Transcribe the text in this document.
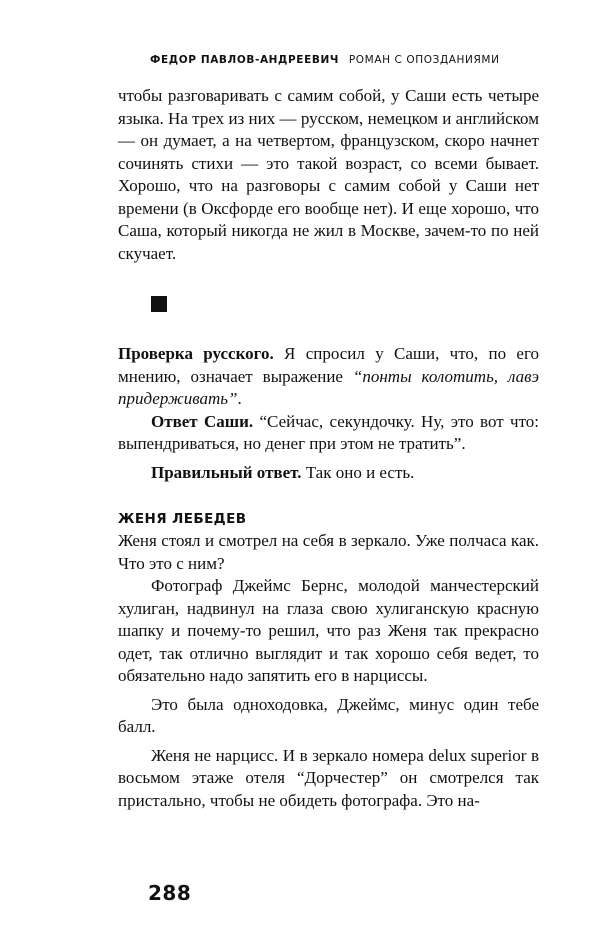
ФЕДОР ПАВЛОВ-АНДРЕЕВИЧ РОМАН С ОПОЗДАНИЯМИ

чтобы разговаривать с самим собой, у Саши есть четыре языка. На трех из них — русском, немецком и английском — он думает, а на четвертом, французском, скоро начнет сочинять стихи — это такой возраст, со всеми бывает. Хорошо, что на разговоры с самим собой у Саши нет времени (в Оксфорде его вообще нет). И еще хорошо, что Саша, который никогда не жил в Москве, зачем-то по ней скучает.

Проверка русского. Я спросил у Саши, что, по его мнению, означает выражение “понты колотить, лавэ придерживать”.

Ответ Саши. “Сейчас, секундочку. Ну, это вот что: выпендриваться, но денег при этом не тратить”.

Правильный ответ. Так оно и есть.

ЖЕНЯ ЛЕБЕДЕВ

Женя стоял и смотрел на себя в зеркало. Уже полчаса как. Что это с ним?

Фотограф Джеймс Бернс, молодой манчестерский хулиган, надвинул на глаза свою хулиганскую красную шапку и почему-то решил, что раз Женя так прекрасно одет, так отлично выглядит и так хорошо себя ведет, то обязательно надо запятить его в нарциссы.

Это была одноходовка, Джеймс, минус один тебе балл.

Женя не нарцисс. И в зеркало номера delux superior в восьмом этаже отеля “Дорчестер” он смотрелся так пристально, чтобы не обидеть фотографа. Это на-

288
